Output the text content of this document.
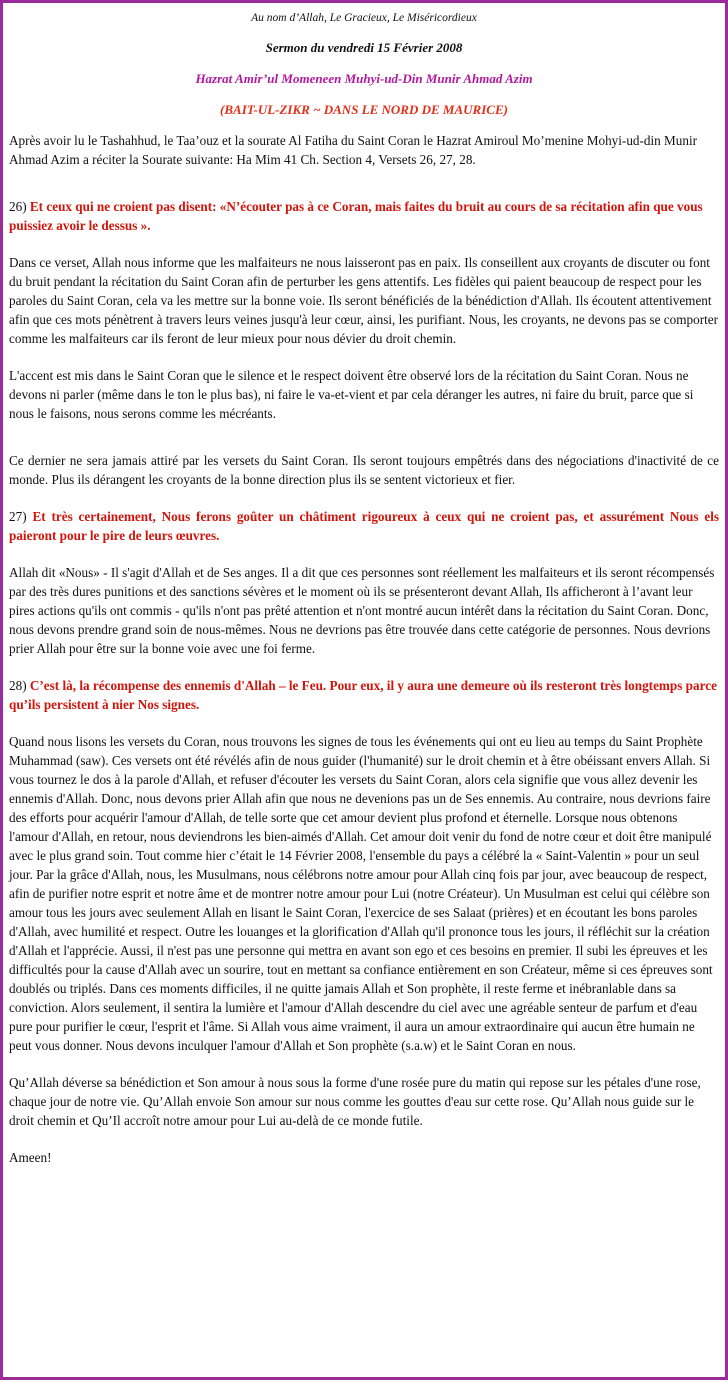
Au nom d’Allah, Le Gracieux, Le Miséricordieux

Sermon du vendredi 15 Février 2008

Hazrat Amir’ul Momeneen Muhyi-ud-Din Munir Ahmad Azim

(BAIT-UL-ZIKR ~ DANS LE NORD DE MAURICE)

Après avoir lu le Tashahhud, le Taa’ouz et la sourate Al Fatiha du Saint Coran le Hazrat Amiroul Mo’menine Mohyi-ud-din Munir Ahmad Azim a réciter la Sourate suivante: Ha Mim 41 Ch. Section 4, Versets 26, 27, 28.

26) Et ceux qui ne croient pas disent: «N’écouter pas à ce Coran, mais faites du bruit au cours de sa récitation afin que vous puissiez avoir le dessus ».

Dans ce verset, Allah nous informe que les malfaiteurs ne nous laisseront pas en paix. Ils conseillent aux croyants de discuter ou font du bruit pendant la récitation du Saint Coran afin de perturber les gens attentifs. Les fidèles qui paient beaucoup de respect pour les paroles du Saint Coran, cela va les mettre sur la bonne voie. Ils seront bénéficiés de la bénédiction d'Allah. Ils écoutent attentivement afin que ces mots pénètrent à travers leurs veines jusqu'à leur cœur, ainsi, les purifiant. Nous, les croyants, ne devons pas se comporter comme les malfaiteurs car ils feront de leur mieux pour nous dévier du droit chemin.

L'accent est mis dans le Saint Coran que le silence et le respect doivent être observé lors de la récitation du Saint Coran. Nous ne devons ni parler (même dans le ton le plus bas), ni faire le va-et-vient et par cela déranger les autres, ni faire du bruit, parce que si nous le faisons, nous serons comme les mécréants.

Ce dernier ne sera jamais attiré par les versets du Saint Coran. Ils seront toujours empêtrés dans des négociations d'inactivité de ce monde. Plus ils dérangent les croyants de la bonne direction plus ils se sentent victorieux et fier.

27) Et très certainement, Nous ferons goûter un châtiment rigoureux à ceux qui ne croient pas, et assurément Nous els paieront pour le pire de leurs œuvres.

Allah dit «Nous» - Il s'agit d'Allah et de Ses anges. Il a dit que ces personnes sont réellement les malfaiteurs et ils seront récompensés par des très dures punitions et des sanctions sévères et le moment où ils se présenteront devant Allah, Ils afficheront à l’avant leur pires actions qu'ils ont commis - qu'ils n'ont pas prêté attention et n'ont montré aucun intérêt dans la récitation du Saint Coran. Donc, nous devons prendre grand soin de nous-mêmes. Nous ne devrions pas être trouvée dans cette catégorie de personnes. Nous devrions prier Allah pour être sur la bonne voie avec une foi ferme.

28) C’est là, la récompense des ennemis d'Allah – le Feu. Pour eux, il y aura une demeure où ils resteront très longtemps parce qu’ils persistent à nier Nos signes.

Quand nous lisons les versets du Coran, nous trouvons les signes de tous les événements qui ont eu lieu au temps du Saint Prophète Muhammad (saw). Ces versets ont été révélés afin de nous guider (l'humanité) sur le droit chemin et à être obéissant envers Allah. Si vous tournez le dos à la parole d'Allah, et refuser d'écouter les versets du Saint Coran, alors cela signifie que vous allez devenir les ennemis d'Allah. Donc, nous devons prier Allah afin que nous ne devenions pas un de Ses ennemis. Au contraire, nous devrions faire des efforts pour acquérir l'amour d'Allah, de telle sorte que cet amour devient plus profond et éternelle. Lorsque nous obtenons l'amour d'Allah, en retour, nous deviendrons les bien-aimés d'Allah. Cet amour doit venir du fond de notre cœur et doit être manipulé avec le plus grand soin. Tout comme hier c’était le 14 Février 2008, l'ensemble du pays a célébré la « Saint-Valentin » pour un seul jour. Par la grâce d'Allah, nous, les Musulmans, nous célébrons notre amour pour Allah cinq fois par jour, avec beaucoup de respect, afin de purifier notre esprit et notre âme et de montrer notre amour pour Lui (notre Créateur). Un Musulman est celui qui célèbre son amour tous les jours avec seulement Allah en lisant le Saint Coran, l'exercice de ses Salaat (prières) et en écoutant les bons paroles d'Allah, avec humilité et respect. Outre les louanges et la glorification d'Allah qu'il prononce tous les jours, il réfléchit sur la création d'Allah et l'apprécie. Aussi, il n'est pas une personne qui mettra en avant son ego et ces besoins en premier. Il subi les épreuves et les difficultés pour la cause d'Allah avec un sourire, tout en mettant sa confiance entièrement en son Créateur, même si ces épreuves sont doublés ou triplés. Dans ces moments difficiles, il ne quitte jamais Allah et Son prophète, il reste ferme et inébranlable dans sa conviction. Alors seulement, il sentira la lumière et l'amour d'Allah descendre du ciel avec une agréable senteur de parfum et d'eau pure pour purifier le cœur, l'esprit et l'âme. Si Allah vous aime vraiment, il aura un amour extraordinaire qui aucun être humain ne peut vous donner. Nous devons inculquer l'amour d'Allah et Son prophète (s.a.w) et le Saint Coran en nous.

Qu’Allah déverse sa bénédiction et Son amour à nous sous la forme d'une rosée pure du matin qui repose sur les pétales d'une rose, chaque jour de notre vie. Qu’Allah envoie Son amour sur nous comme les gouttes d'eau sur cette rose. Qu’Allah nous guide sur le droit chemin et Qu’Il accroît notre amour pour Lui au-delà de ce monde futile.

Ameen!
